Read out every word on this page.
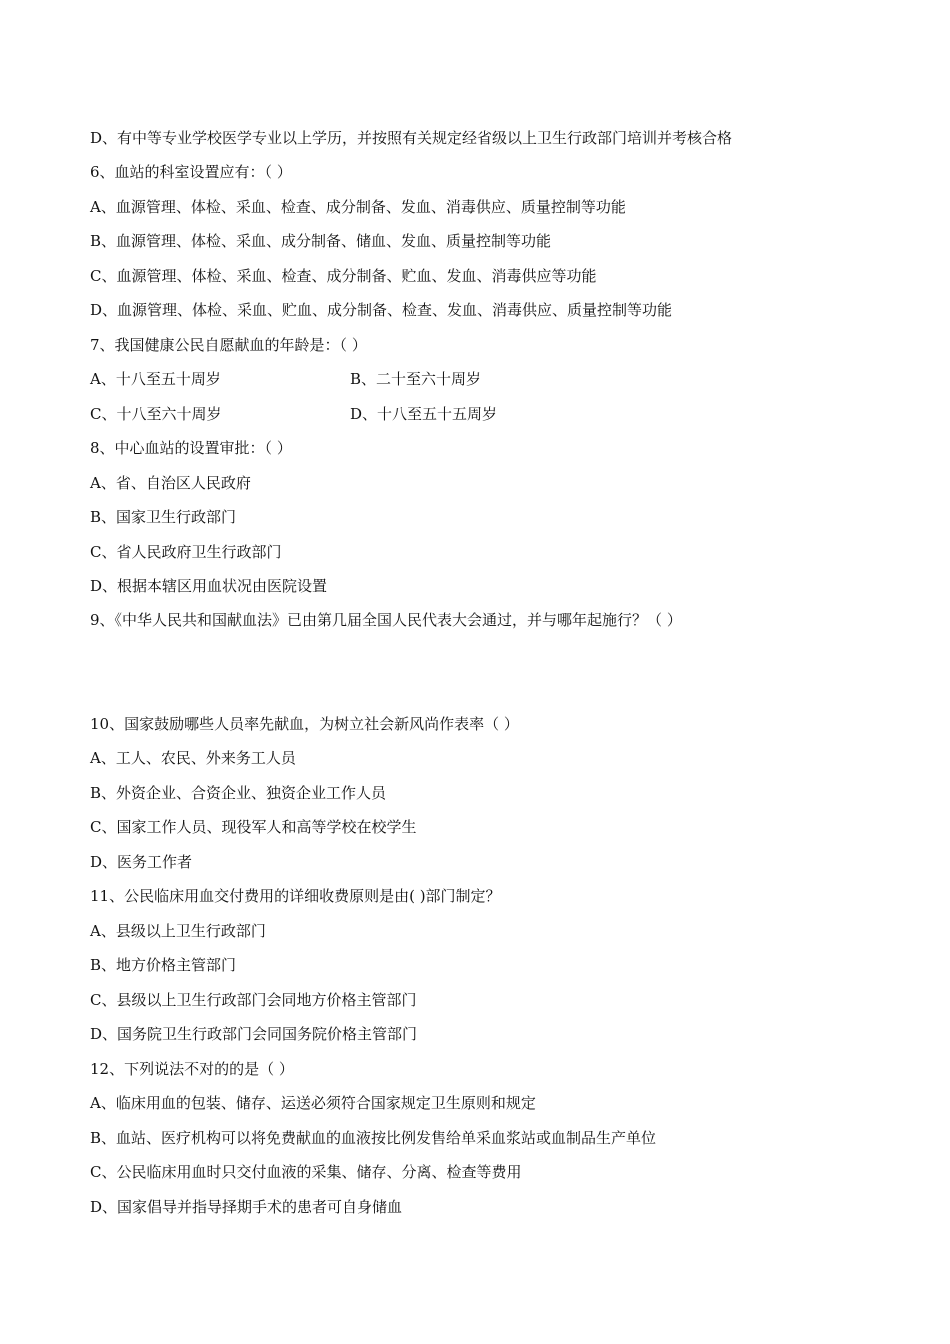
D、有中等专业学校医学专业以上学历，并按照有关规定经省级以上卫生行政部门培训并考核合格
6、血站的科室设置应有：（ ）
A、血源管理、体检、采血、检查、成分制备、发血、消毒供应、质量控制等功能
B、血源管理、体检、采血、成分制备、储血、发血、质量控制等功能
C、血源管理、体检、采血、检查、成分制备、贮血、发血、消毒供应等功能
D、血源管理、体检、采血、贮血、成分制备、检查、发血、消毒供应、质量控制等功能
7、我国健康公民自愿献血的年龄是：（ ）
A、十八至五十周岁	B、二十至六十周岁
C、十八至六十周岁	D、十八至五十五周岁
8、中心血站的设置审批：（ ）
A、省、自治区人民政府
B、国家卫生行政部门
C、省人民政府卫生行政部门
D、根据本辖区用血状况由医院设置
9、《中华人民共和国献血法》已由第几届全国人民代表大会通过，并与哪年起施行？（ ）
10、国家鼓励哪些人员率先献血，为树立社会新风尚作表率（ ）
A、工人、农民、外来务工人员
B、外资企业、合资企业、独资企业工作人员
C、国家工作人员、现役军人和高等学校在校学生
D、医务工作者
11、公民临床用血交付费用的详细收费原则是由( )部门制定？
A、县级以上卫生行政部门
B、地方价格主管部门
C、县级以上卫生行政部门会同地方价格主管部门
D、国务院卫生行政部门会同国务院价格主管部门
12、下列说法不对的的是（ ）
A、临床用血的包装、储存、运送必须符合国家规定卫生原则和规定
B、血站、医疗机构可以将免费献血的血液按比例发售给单采血浆站或血制品生产单位
C、公民临床用血时只交付血液的采集、储存、分离、检查等费用
D、国家倡导并指导择期手术的患者可自身储血
